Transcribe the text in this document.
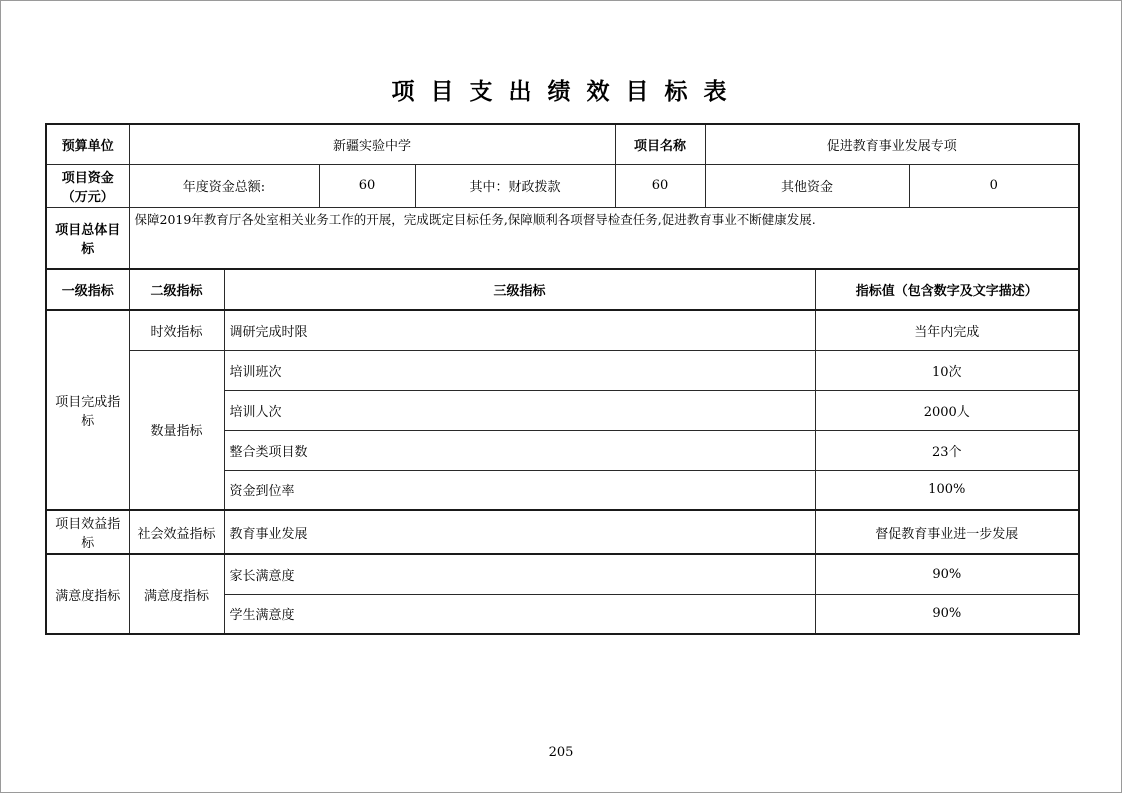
项 目 支 出 绩 效 目 标 表
预算单位	新疆实验中学				项目名称	促进教育事业发展专项		
项目资金（万元）	年度资金总额:		60	其中：财政拨款	60	其他资金		0
项目总体目标	保障2019年教育厅各处室相关业务工作的开展，完成既定目标任务,保障顺利各项督导检查任务,促进教育事业不断健康发展.							
一级指标	二级指标	三级指标					指标值（包含数字及文字描述）	
项目完成指标	时效指标	调研完成时限					当年内完成	
	数量指标	培训班次					10次	
		培训人次					2000人	
		整合类项目数					23个	
		资金到位率					100%	
项目效益指标	社会效益指标	教育事业发展					督促教育事业进一步发展	
满意度指标	满意度指标	家长满意度					90%	
		学生满意度					90%	
205
